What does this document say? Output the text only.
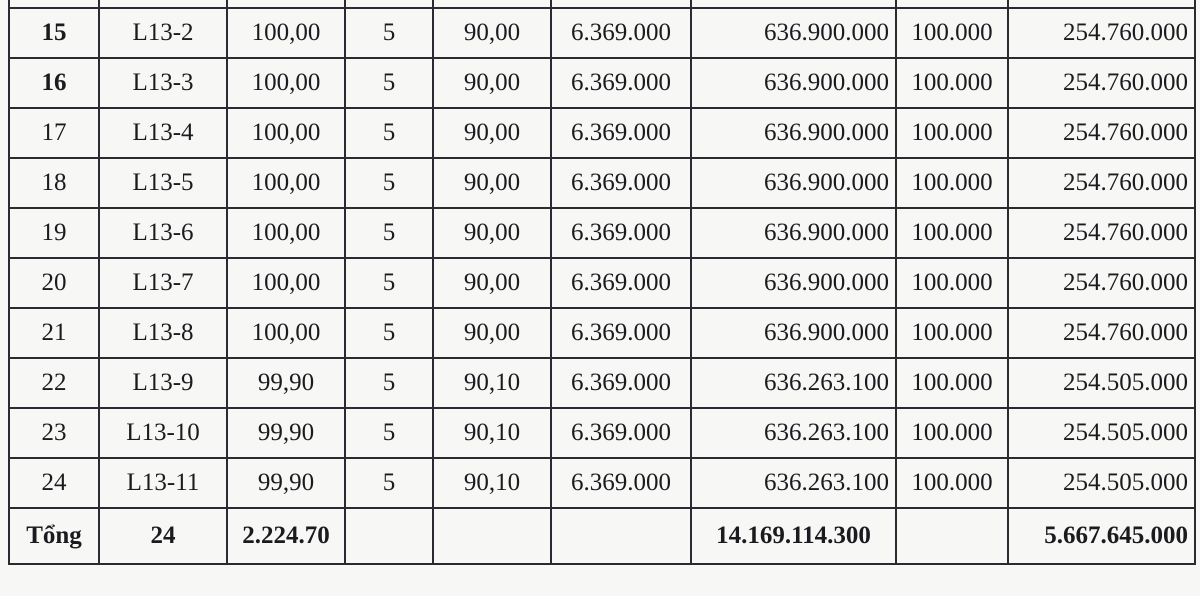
15	L13-2	100,00	5	90,00	6.369.000	636.900.000	100.000	254.760.000
16	L13-3	100,00	5	90,00	6.369.000	636.900.000	100.000	254.760.000
17	L13-4	100,00	5	90,00	6.369.000	636.900.000	100.000	254.760.000
18	L13-5	100,00	5	90,00	6.369.000	636.900.000	100.000	254.760.000
19	L13-6	100,00	5	90,00	6.369.000	636.900.000	100.000	254.760.000
20	L13-7	100,00	5	90,00	6.369.000	636.900.000	100.000	254.760.000
21	L13-8	100,00	5	90,00	6.369.000	636.900.000	100.000	254.760.000
22	L13-9	99,90	5	90,10	6.369.000	636.263.100	100.000	254.505.000
23	L13-10	99,90	5	90,10	6.369.000	636.263.100	100.000	254.505.000
24	L13-11	99,90	5	90,10	6.369.000	636.263.100	100.000	254.505.000
Tổng	24	2.224.70				14.169.114.300		5.667.645.000
